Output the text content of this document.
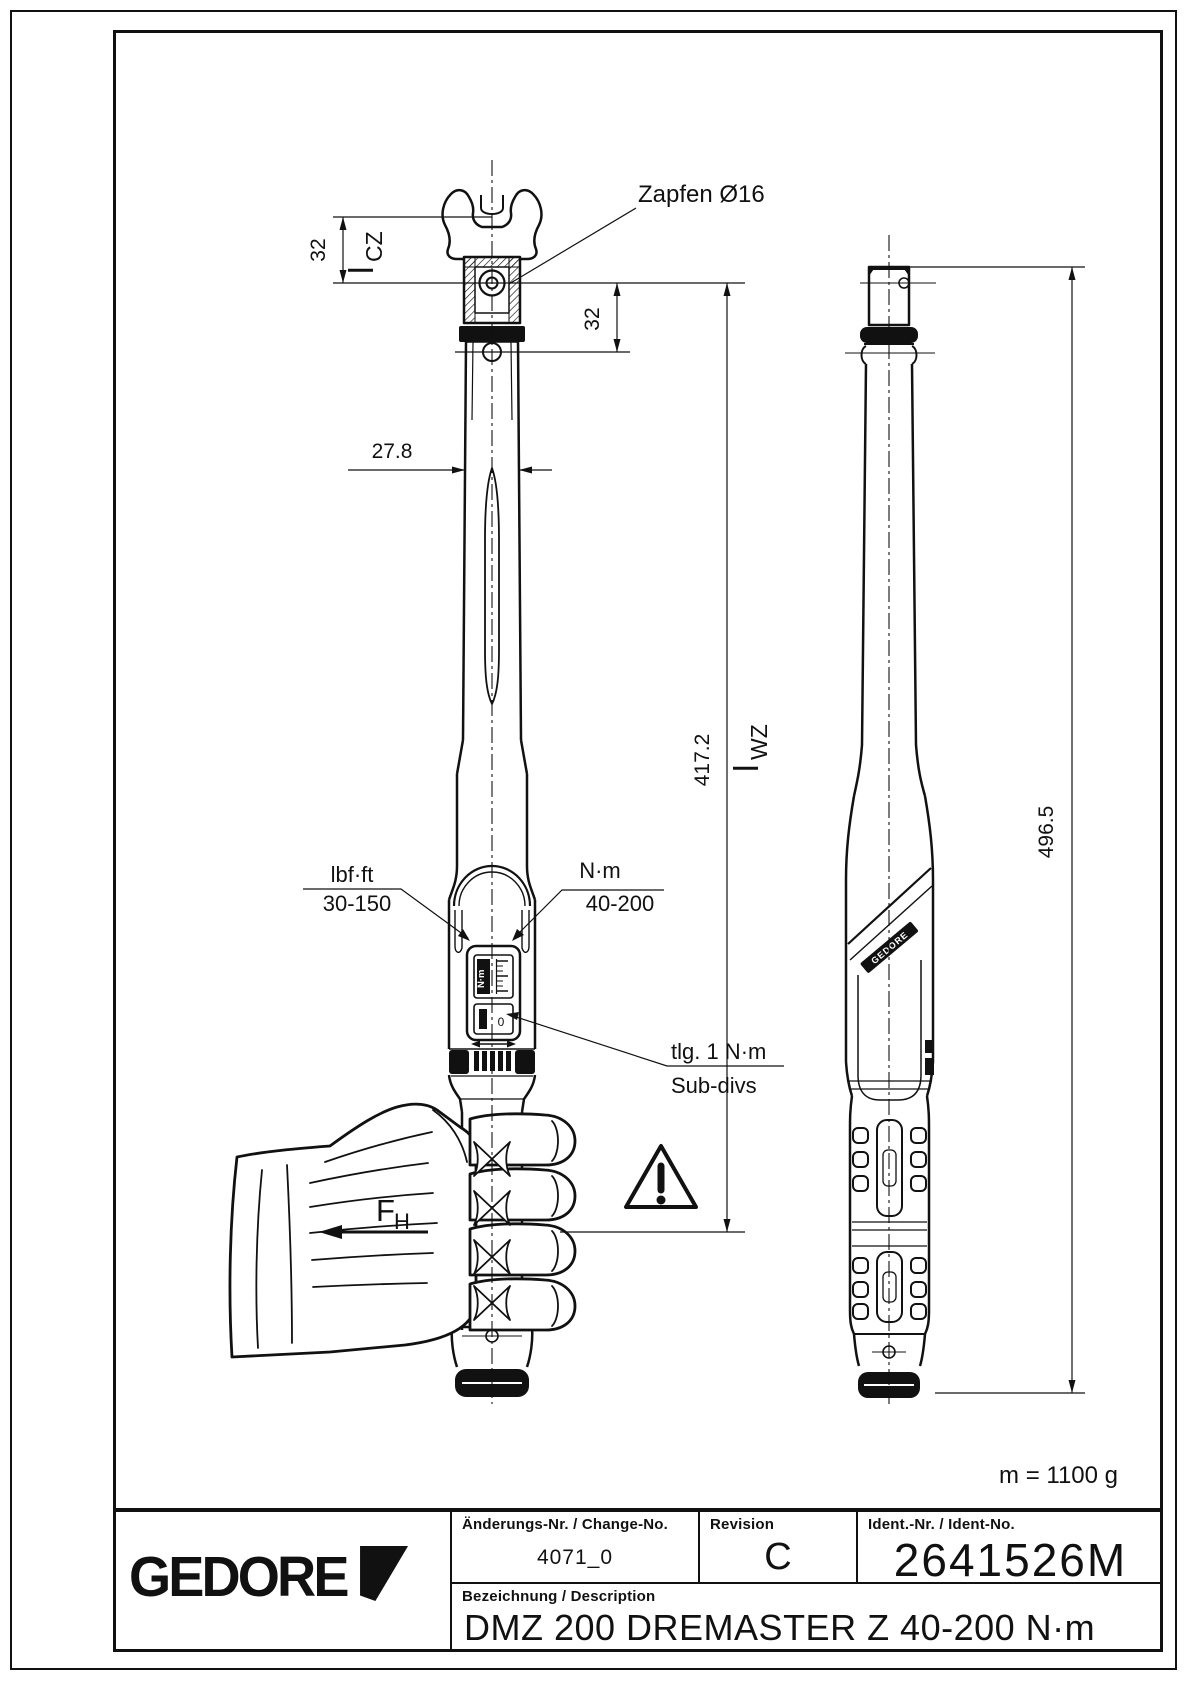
N·m
0
GEDORE
32
l
CZ
32
27.8
417.2 l
WZ
496.5
Zapfen Ø16
lbf·ft
30-150
N·m
40-200
tlg. 1 N·m
Sub-divs
F H
m = 1100 g
GEDORE
Änderungs-Nr. / Change-No.
4071_0
Revision
C
Ident.-Nr. / Ident-No.
2641526M
Bezeichnung / Description
DMZ 200 DREMASTER Z 40-200 N·m
